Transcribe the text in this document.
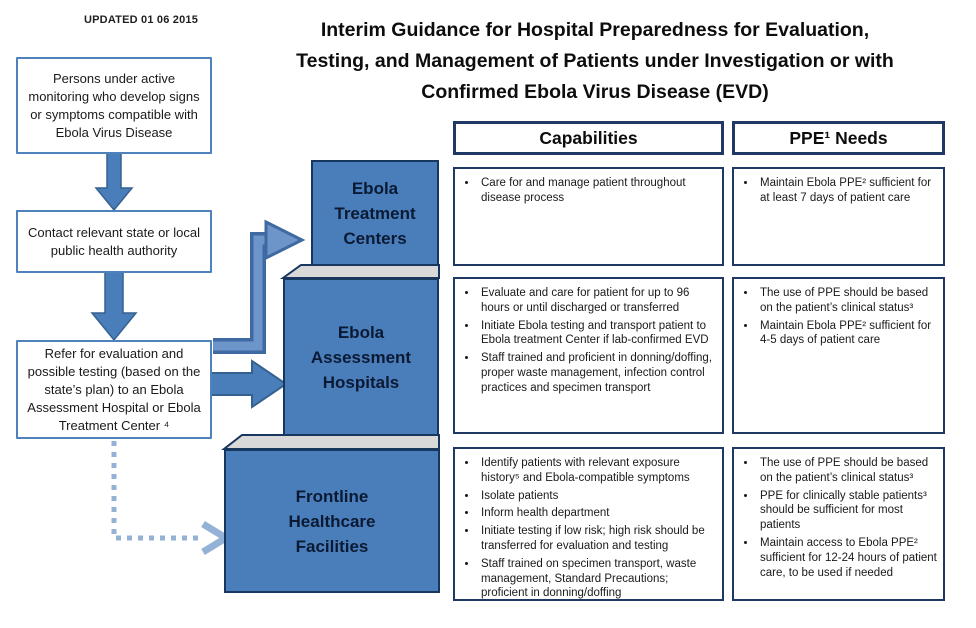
UPDATED 01 06 2015	Interim Guidance for Hospital Preparedness for Evaluation,
Testing, and Management of Patients under Investigation or with
Confirmed Ebola Virus Disease (EVD)
Persons under active monitoring who develop signs or symptoms compatible with Ebola Virus Disease
Contact relevant state or local public health authority
Refer for evaluation and possible testing (based on the state’s plan) to an Ebola Assessment Hospital or Ebola Treatment Center ⁴
Ebola Treatment Centers
Ebola Assessment Hospitals
Frontline Healthcare Facilities
Capabilities	PPE¹ Needs
• Care for and manage patient throughout disease process
• Maintain Ebola PPE² sufficient for at least 7 days of patient care
• Evaluate and care for patient for up to 96 hours or until discharged or transferred
• Initiate Ebola testing and transport patient to Ebola treatment Center if lab-confirmed EVD
• Staff trained and proficient in donning/doffing, proper waste management, infection control practices and specimen transport
• The use of PPE should be based on the patient’s clinical status³
• Maintain Ebola PPE² sufficient for 4-5 days of patient care
• Identify patients with relevant exposure history⁵ and Ebola-compatible symptoms
• Isolate patients
• Inform health department
• Initiate testing if low risk; high risk should be transferred for evaluation and testing
• Staff trained on specimen transport, waste management, Standard Precautions; proficient in donning/doffing
• The use of PPE should be based on the patient’s clinical status³
• PPE for clinically stable patients³ should be sufficient for most patients
• Maintain access to Ebola PPE² sufficient for 12-24 hours of patient care, to be used if needed
